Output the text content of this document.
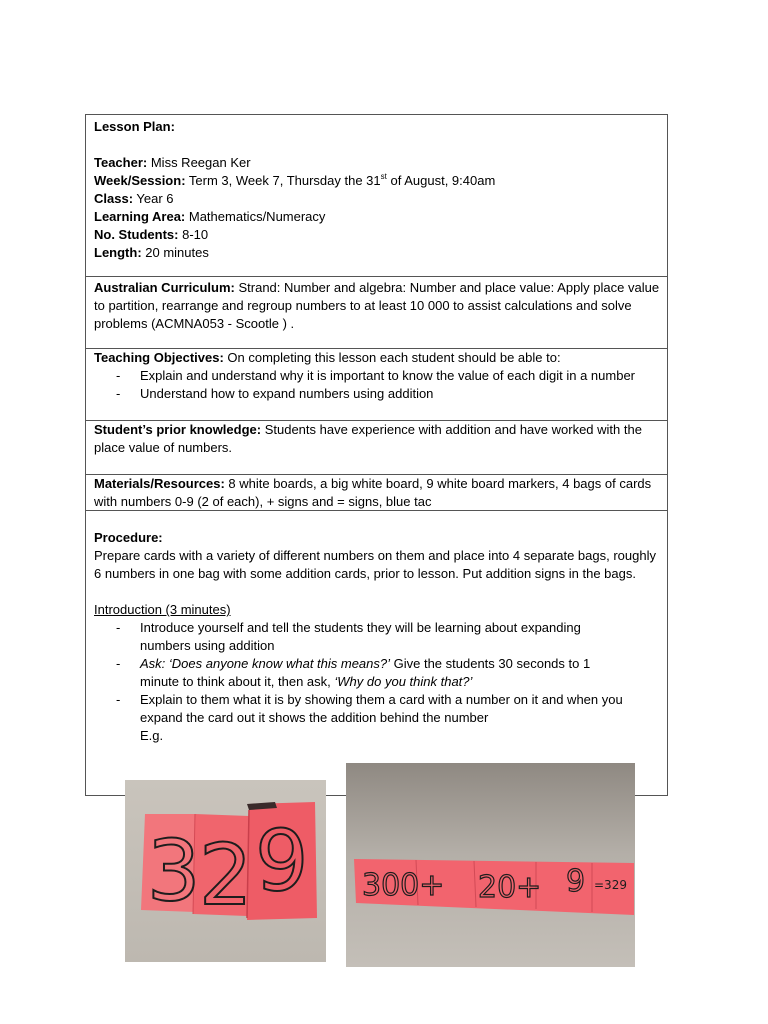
Lesson Plan:
Teacher: Miss Reegan Ker
Week/Session: Term 3, Week 7, Thursday the 31st of August, 9:40am
Class: Year 6
Learning Area: Mathematics/Numeracy
No. Students: 8-10
Length: 20 minutes
Australian Curriculum: Strand: Number and algebra: Number and place value: Apply place value to partition, rearrange and regroup numbers to at least 10 000 to assist calculations and solve problems (ACMNA053 - Scootle ) .
Teaching Objectives: On completing this lesson each student should be able to:
- Explain and understand why it is important to know the value of each digit in a number
- Understand how to expand numbers using addition
Student’s prior knowledge: Students have experience with addition and have worked with the place value of numbers.
Materials/Resources: 8 white boards, a big white board, 9 white board markers, 4 bags of cards with numbers 0-9 (2 of each), + signs and = signs, blue tac
Procedure:
Prepare cards with a variety of different numbers on them and place into 4 separate bags, roughly 6 numbers in one bag with some addition cards, prior to lesson. Put addition signs in the bags.
Introduction (3 minutes)
- Introduce yourself and tell the students they will be learning about expanding numbers using addition
- Ask: ‘Does anyone know what this means?’ Give the students 30 seconds to 1 minute to think about it, then ask, ‘Why do you think that?’
- Explain to them what it is by showing them a card with a number on it and when you expand the card out it shows the addition behind the number
E.g.
3
2 9 300+ 20+ 9 =329
